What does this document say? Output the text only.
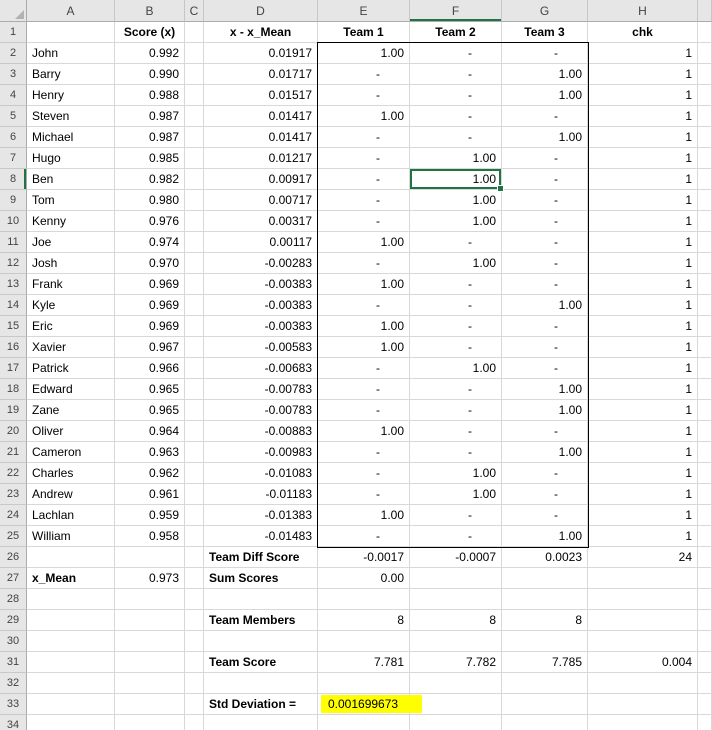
A	B	C	D	E	F	G	H
1	Score (x)	x - x_Mean	Team 1	Team 2	Team 3	chk
2	John	0.992	0.01917	1.00	-	-	1
3	Barry	0.990	0.01717	-	-	1.00	1
4	Henry	0.988	0.01517	-	-	1.00	1
5	Steven	0.987	0.01417	1.00	-	-	1
6	Michael	0.987	0.01417	-	-	1.00	1
7	Hugo	0.985	0.01217	-	1.00	-	1
8	Ben	0.982	0.00917	-	1.00	-	1
9	Tom	0.980	0.00717	-	1.00	-	1
10	Kenny	0.976	0.00317	-	1.00	-	1
11	Joe	0.974	0.00117	1.00	-	-	1
12	Josh	0.970	-0.00283	-	1.00	-	1
13	Frank	0.969	-0.00383	1.00	-	-	1
14	Kyle	0.969	-0.00383	-	-	1.00	1
15	Eric	0.969	-0.00383	1.00	-	-	1
16	Xavier	0.967	-0.00583	1.00	-	-	1
17	Patrick	0.966	-0.00683	-	1.00	-	1
18	Edward	0.965	-0.00783	-	-	1.00	1
19	Zane	0.965	-0.00783	-	-	1.00	1
20	Oliver	0.964	-0.00883	1.00	-	-	1
21	Cameron	0.963	-0.00983	-	-	1.00	1
22	Charles	0.962	-0.01083	-	1.00	-	1
23	Andrew	0.961	-0.01183	-	1.00	-	1
24	Lachlan	0.959	-0.01383	1.00	-	-	1
25	William	0.958	-0.01483	-	-	1.00	1
26	Team Diff Score	-0.0017	-0.0007	0.0023	24
27	x_Mean	0.973	Sum Scores	0.00
28
29	Team Members	8	8	8
30
31	Team Score	7.781	7.782	7.785	0.004
32
33	Std Deviation =	0.001699673
34
